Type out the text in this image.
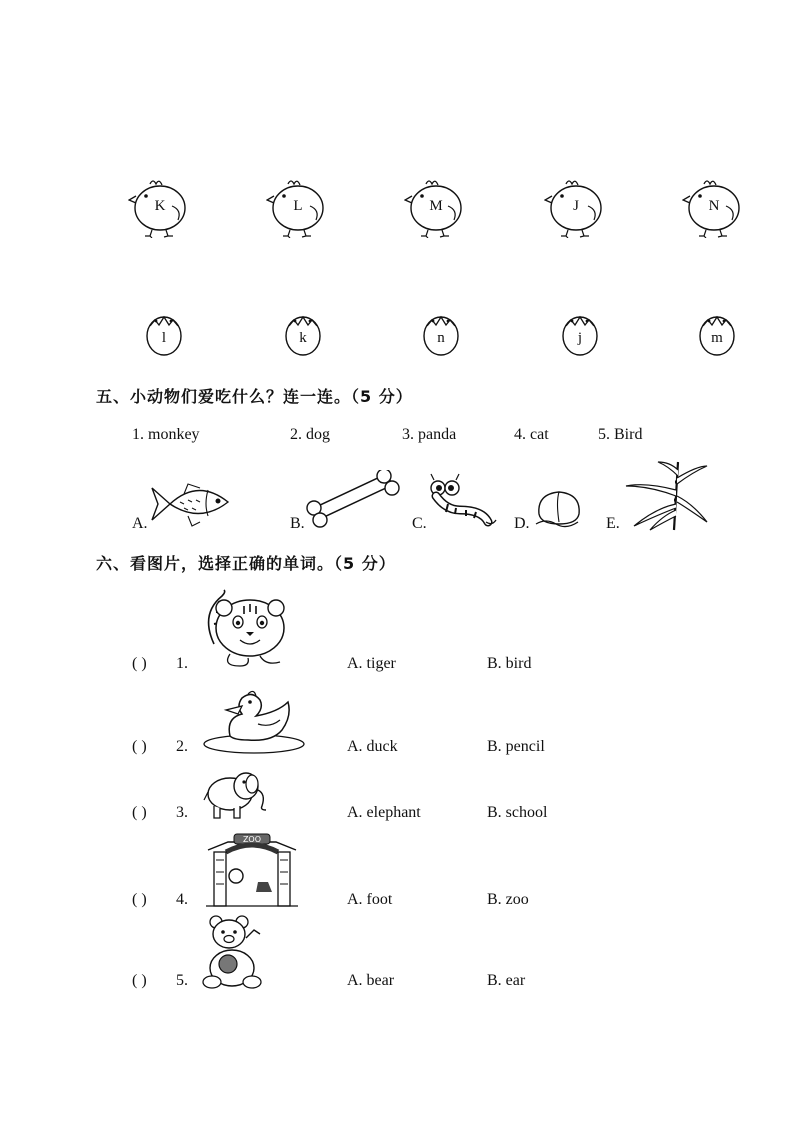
K	L	M	J	N
l	k	n	j	m
五、小动物们爱吃什么？连一连。（5 分）
1. monkey	2. dog	3. panda	4. cat	5. Bird
A.	B.	C.	D.	E.
六、看图片，选择正确的单词。（5 分）
( ) 1.	A. tiger	B. bird
( ) 2.	A. duck	B. pencil
( ) 3.	A. elephant	B. school
ZOO
( ) 4.	A. foot	B. zoo
( ) 5.	A. bear	B. ear
